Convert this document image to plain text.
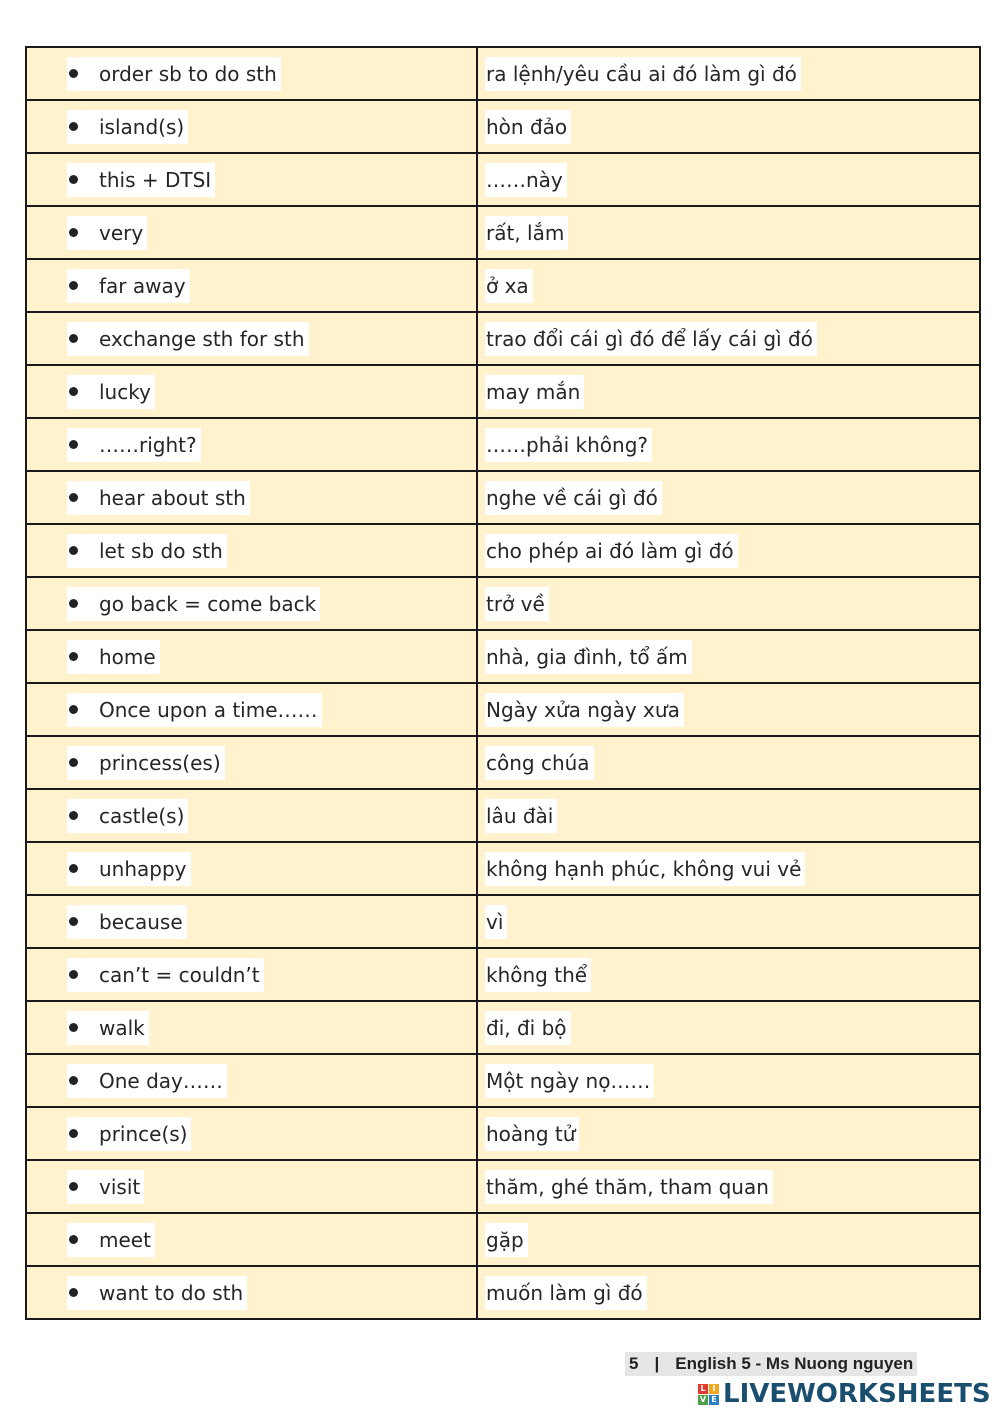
order sb to do sth	ra lệnh/yêu cầu ai đó làm gì đó

island(s)	hòn đảo

this + DTSI	……này

very	rất, lắm

far away	ở xa

exchange sth for sth	trao đổi cái gì đó để lấy cái gì đó

lucky	may mắn

……right?	……phải không?

hear about sth	nghe về cái gì đó

let sb do sth	cho phép ai đó làm gì đó

go back = come back	trở về

home	nhà, gia đình, tổ ấm

Once upon a time……	Ngày xửa ngày xưa

princess(es)	công chúa

castle(s)	lâu đài

unhappy	không hạnh phúc, không vui vẻ

because	vì

can’t = couldn’t	không thể

walk	đi, đi bộ

One day……	Một ngày nọ……

prince(s)	hoàng tử

visit	thăm, ghé thăm, tham quan

meet	gặp

want to do sth	muốn làm gì đó
5 | English 5 - Ms Nuong nguyen
L I
V E LIVEWORKSHEETS
